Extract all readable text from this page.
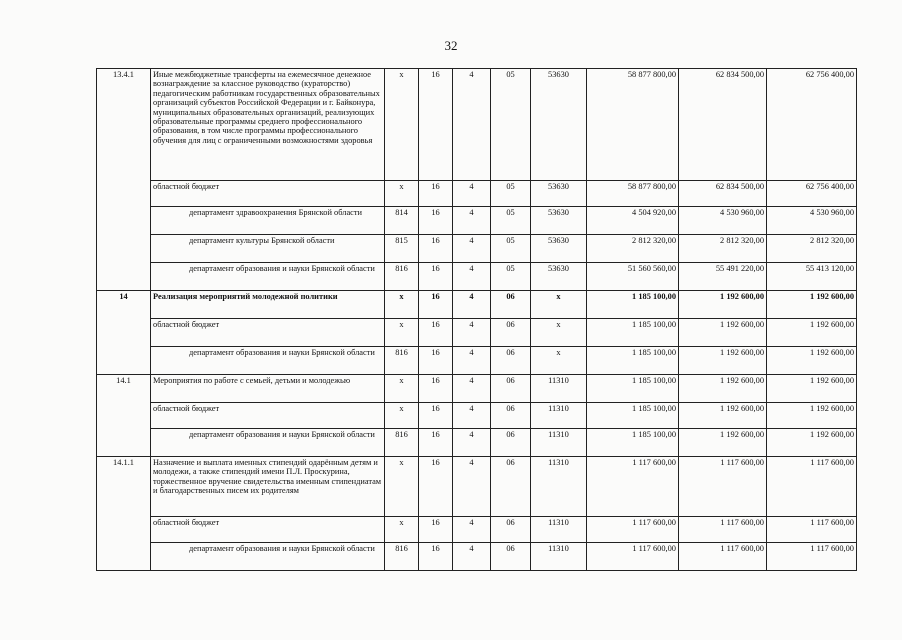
32
13.4.1	Иные межбюджетные трансферты на ежемесячное денежное вознаграждение за классное руководство (кураторство) педагогическим работникам государственных образовательных организаций субъектов Российской Федерации и г. Байконура, муниципальных образовательных организаций, реализующих образовательные программы среднего профессионального образования, в том числе программы профессионального обучения для лиц с ограниченными возможностями здоровья	x	16	4	05	53630	58 877 800,00	62 834 500,00	62 756 400,00
	областной бюджет	x	16	4	05	53630	58 877 800,00	62 834 500,00	62 756 400,00
	департамент здравоохранения Брянской области	814	16	4	05	53630	4 504 920,00	4 530 960,00	4 530 960,00
	департамент культуры Брянской области	815	16	4	05	53630	2 812 320,00	2 812 320,00	2 812 320,00
	департамент образования и науки Брянской области	816	16	4	05	53630	51 560 560,00	55 491 220,00	55 413 120,00
14	Реализация мероприятий молодежной политики	x	16	4	06	x	1 185 100,00	1 192 600,00	1 192 600,00
	областной бюджет	x	16	4	06	x	1 185 100,00	1 192 600,00	1 192 600,00
	департамент образования и науки Брянской области	816	16	4	06	x	1 185 100,00	1 192 600,00	1 192 600,00
14.1	Мероприятия по работе с семьей, детьми и молодежью	x	16	4	06	11310	1 185 100,00	1 192 600,00	1 192 600,00
	областной бюджет	x	16	4	06	11310	1 185 100,00	1 192 600,00	1 192 600,00
	департамент образования и науки Брянской области	816	16	4	06	11310	1 185 100,00	1 192 600,00	1 192 600,00
14.1.1	Назначение и выплата именных стипендий одарённым детям и молодежи, а также стипендий имени П.Л. Проскурина, торжественное вручение свидетельства именным стипендиатам и благодарственных писем их родителям	x	16	4	06	11310	1 117 600,00	1 117 600,00	1 117 600,00
	областной бюджет	x	16	4	06	11310	1 117 600,00	1 117 600,00	1 117 600,00
	департамент образования и науки Брянской области	816	16	4	06	11310	1 117 600,00	1 117 600,00	1 117 600,00
